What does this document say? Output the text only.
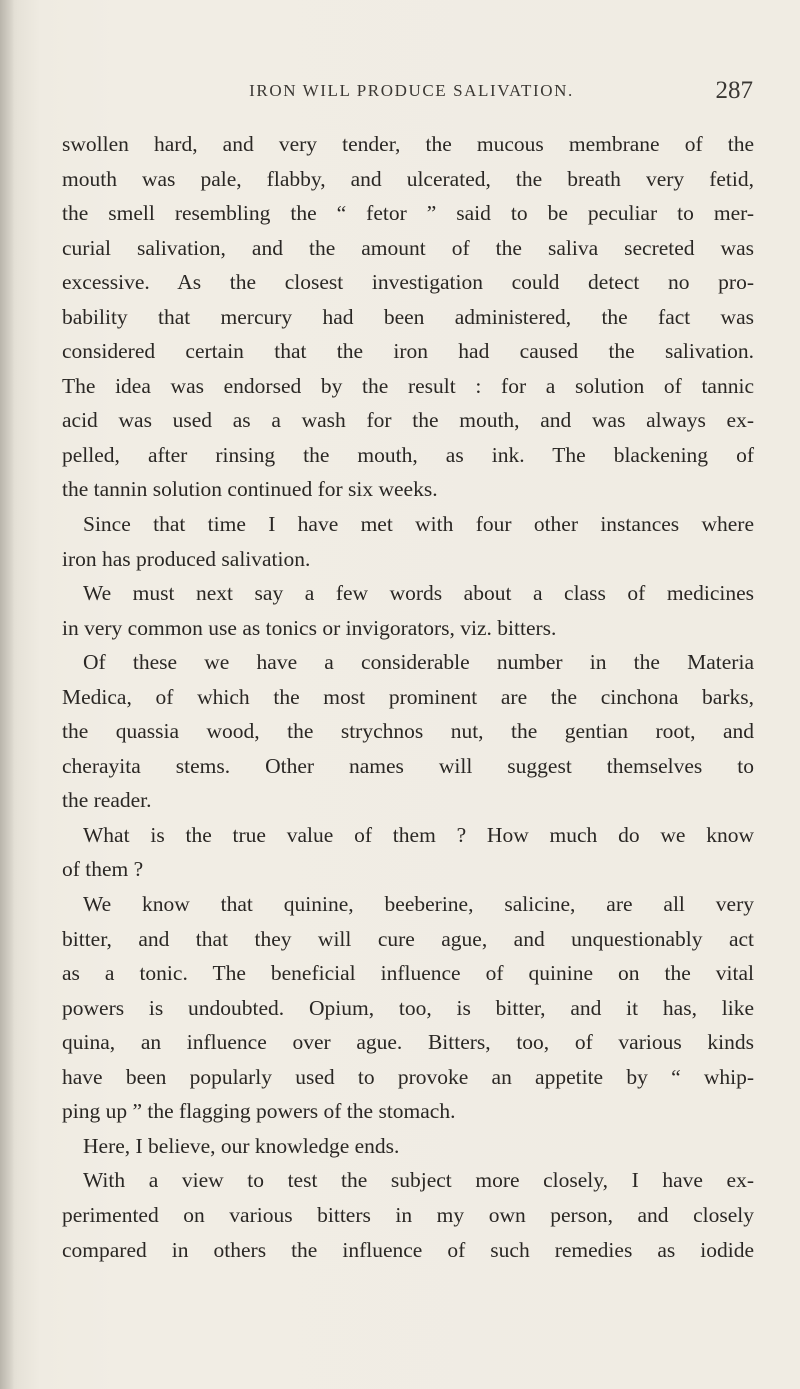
IRON WILL PRODUCE SALIVATION.	287
swollen hard, and very tender, the mucous membrane of the
mouth was pale, flabby, and ulcerated, the breath very fetid,
the smell resembling the “ fetor ” said to be peculiar to mer-
curial salivation, and the amount of the saliva secreted was
excessive. As the closest investigation could detect no pro-
bability that mercury had been administered, the fact was
considered certain that the iron had caused the salivation.
The idea was endorsed by the result : for a solution of tannic
acid was used as a wash for the mouth, and was always ex-
pelled, after rinsing the mouth, as ink. The blackening of
the tannin solution continued for six weeks.
Since that time I have met with four other instances where
iron has produced salivation.
We must next say a few words about a class of medicines
in very common use as tonics or invigorators, viz. bitters.
Of these we have a considerable number in the Materia
Medica, of which the most prominent are the cinchona barks,
the quassia wood, the strychnos nut, the gentian root, and
cherayita stems. Other names will suggest themselves to
the reader.
What is the true value of them ? How much do we know
of them ?
We know that quinine, beeberine, salicine, are all very
bitter, and that they will cure ague, and unquestionably act
as a tonic. The beneficial influence of quinine on the vital
powers is undoubted. Opium, too, is bitter, and it has, like
quina, an influence over ague. Bitters, too, of various kinds
have been popularly used to provoke an appetite by “ whip-
ping up ” the flagging powers of the stomach.
Here, I believe, our knowledge ends.
With a view to test the subject more closely, I have ex-
perimented on various bitters in my own person, and closely
compared in others the influence of such remedies as iodide
